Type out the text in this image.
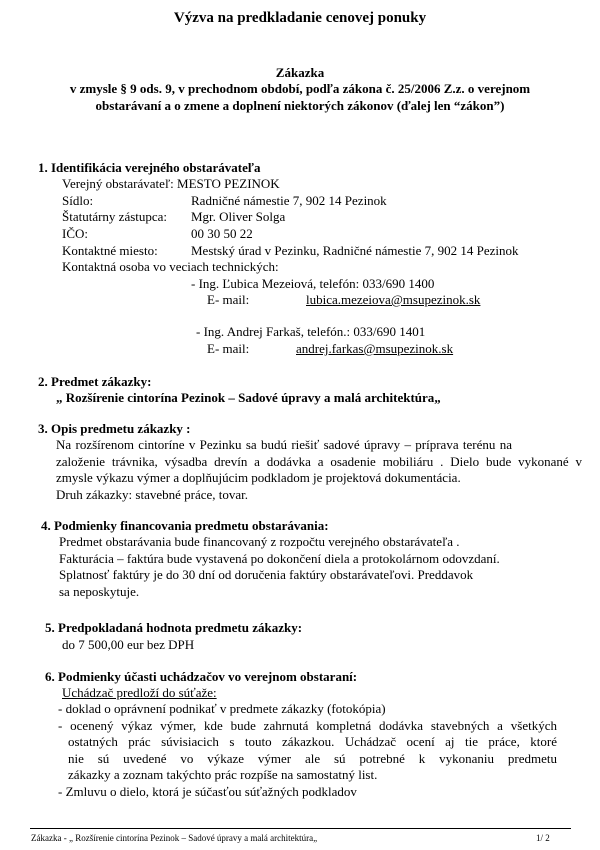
Výzva na predkladanie cenovej ponuky
Zákazka
v zmysle § 9 ods. 9, v prechodnom období, podľa zákona č. 25/2006 Z.z. o verejnom
obstarávaní a o zmene a doplnení niektorých zákonov (ďalej len “zákon”)
1. Identifikácia verejného obstarávateľa
Verejný obstarávateľ: MESTO PEZINOK
Sídlo:	Radničné námestie 7, 902 14 Pezinok
Štatutárny zástupca: Mgr. Oliver Solga
IČO:	00 30 50 22
Kontaktné miesto:	Mestský úrad v Pezinku, Radničné námestie 7, 902 14 Pezinok
Kontaktná osoba vo veciach technických:
- Ing. Ľubica Mezeiová, telefón: 033/690 1400
E- mail:	lubica.mezeiova@msupezinok.sk
- Ing. Andrej Farkaš, telefón.: 033/690 1401
E- mail:	andrej.farkas@msupezinok.sk
2. Predmet zákazky:
„ Rozšírenie cintorína Pezinok – Sadové úpravy a malá architektúra„
3. Opis predmetu zákazky :
Na rozšírenom cintoríne v Pezinku sa budú riešiť sadové úpravy – príprava terénu na
založenie trávnika, výsadba drevín a dodávka a osadenie mobiliáru . Dielo bude vykonané v
zmysle výkazu výmer a doplňujúcim podkladom je projektová dokumentácia.
Druh zákazky: stavebné práce, tovar.
4. Podmienky financovania predmetu obstarávania:
Predmet obstarávania bude financovaný z rozpočtu verejného obstarávateľa .
Fakturácia – faktúra bude vystavená po dokončení diela a protokolárnom odovzdaní.
Splatnosť faktúry je do 30 dní od doručenia faktúry obstarávateľovi. Preddavok
sa neposkytuje.
5. Predpokladaná hodnota predmetu zákazky:
do 7 500,00 eur bez DPH
6. Podmienky účasti uchádzačov vo verejnom obstaraní:
Uchádzač predloží do súťaže:
- doklad o oprávnení podnikať v predmete zákazky (fotokópia)
- ocenený výkaz výmer, kde bude zahrnutá kompletná dodávka stavebných a všetkých
ostatných prác súvisiacich s touto zákazkou. Uchádzač ocení aj tie práce, ktoré
nie sú uvedené vo výkaze výmer ale sú potrebné k vykonaniu predmetu
zákazky a zoznam takýchto prác rozpíše na samostatný list.
- Zmluvu o dielo, ktorá je súčasťou súťažných podkladov
Zákazka - „ Rozšírenie cintorína Pezinok – Sadové úpravy a malá architektúra„	1/ 2
